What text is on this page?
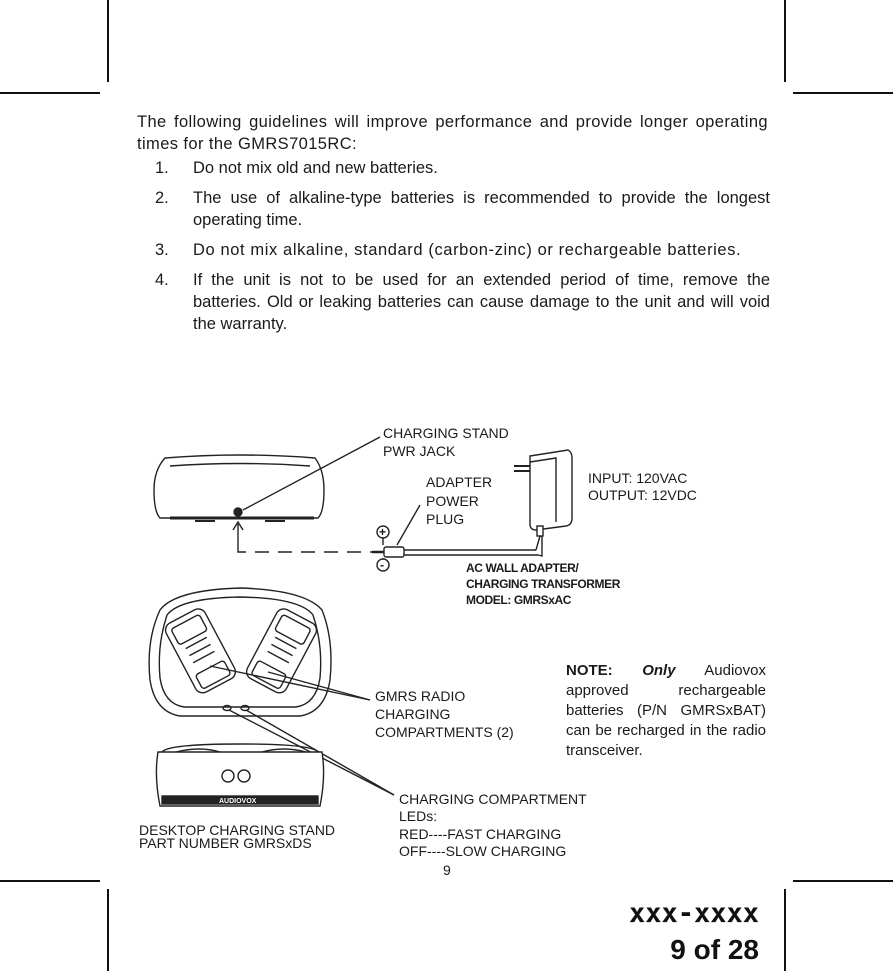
The following guidelines will improve performance and provide longer operating times for the GMRS7015RC:
1. Do not mix old and new batteries.
2. The use of alkaline-type batteries is recommended to provide the longest operating time.
3. Do not mix alkaline, standard (carbon-zinc) or rechargeable batteries.
4. If the unit is not to be used for an extended period of time, remove the batteries. Old or leaking batteries can cause damage to the unit and will void the warranty.
AUDIOVOX
+
-
CHARGING STAND
PWR JACK
ADAPTER
POWER
PLUG
INPUT: 120VAC
OUTPUT: 12VDC
AC WALL ADAPTER/
CHARGING TRANSFORMER
MODEL: GMRSxAC
GMRS RADIO
CHARGING
COMPARTMENTS (2)
CHARGING COMPARTMENT
LEDs:
RED----FAST CHARGING
OFF----SLOW CHARGING
DESKTOP CHARGING STAND
PART NUMBER GMRSxDS
NOTE: Only Audiovox approved rechargeable batteries (P/N GMRSxBAT) can be recharged in the radio transceiver.
9
xxx-xxxx
9 of 28
